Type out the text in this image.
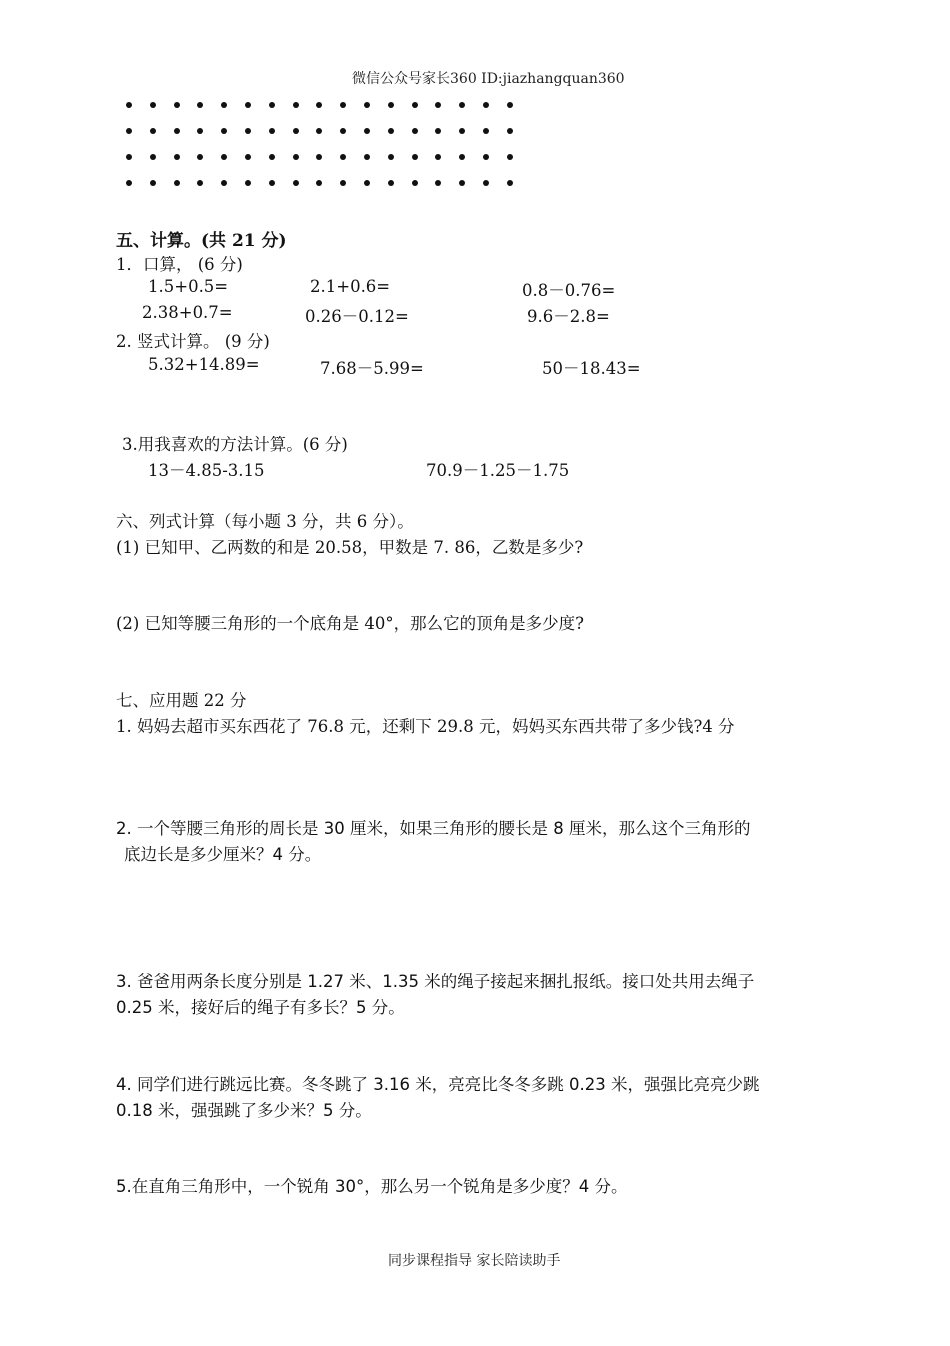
微信公众号家长360 ID:jiazhangquan360
五、计算。(共 21 分)
1．口算， (6 分)
1.5+0.5=	2.1+0.6=	0.8－0.76=
2.38+0.7=	0.26－0.12=	9.6－2.8=
2. 竖式计算。 (9 分)
5.32+14.89=	7.68－5.99=	50－18.43=
3.用我喜欢的方法计算。(6 分)
13－4.85-3.15	70.9－1.25－1.75
六、列式计算（每小题 3 分，共 6 分）。
(1) 已知甲、乙两数的和是 20.58，甲数是 7. 86，乙数是多少?
(2) 已知等腰三角形的一个底角是 40°，那么它的顶角是多少度?
七、应用题 22 分
1. 妈妈去超市买东西花了 76.8 元，还剩下 29.8 元，妈妈买东西共带了多少钱?4 分
2. 一个等腰三角形的周长是 30 厘米，如果三角形的腰长是 8 厘米，那么这个三角形的
底边长是多少厘米？4 分。
3. 爸爸用两条长度分别是 1.27 米、1.35 米的绳子接起来捆扎报纸。接口处共用去绳子
0.25 米，接好后的绳子有多长？5 分。
4. 同学们进行跳远比赛。冬冬跳了 3.16 米，亮亮比冬冬多跳 0.23 米，强强比亮亮少跳
0.18 米，强强跳了多少米？5 分。
5.在直角三角形中，一个锐角 30°，那么另一个锐角是多少度？4 分。
同步课程指导 家长陪读助手
